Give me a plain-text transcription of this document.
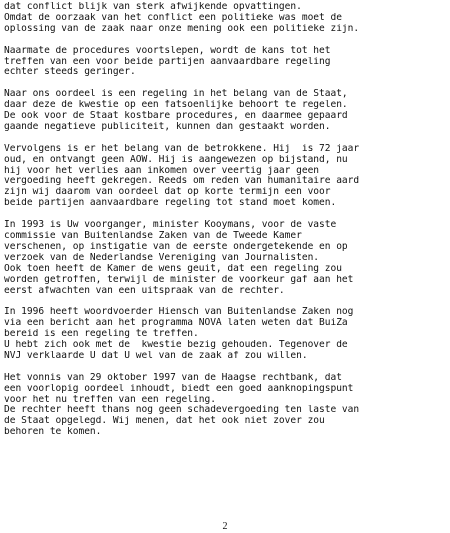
dat conflict blijk van sterk afwijkende opvattingen.
Omdat de oorzaak van het conflict een politieke was moet de
oplossing van de zaak naar onze mening ook een politieke zijn.
Naarmate de procedures voortslepen, wordt de kans tot het
treffen van een voor beide partijen aanvaardbare regeling
echter steeds geringer.
Naar ons oordeel is een regeling in het belang van de Staat,
daar deze de kwestie op een fatsoenlijke behoort te regelen.
De ook voor de Staat kostbare procedures, en daarmee gepaard
gaande negatieve publiciteit, kunnen dan gestaakt worden.
Vervolgens is er het belang van de betrokkene. Hij  is 72 jaar
oud, en ontvangt geen AOW. Hij is aangewezen op bijstand, nu
hij voor het verlies aan inkomen over veertig jaar geen
vergoeding heeft gekregen. Reeds om reden van humanitaire aard
zijn wij daarom van oordeel dat op korte termijn een voor
beide partijen aanvaardbare regeling tot stand moet komen.
In 1993 is Uw voorganger, minister Kooymans, voor de vaste
commissie van Buitenlandse Zaken van de Tweede Kamer
verschenen, op instigatie van de eerste ondergetekende en op
verzoek van de Nederlandse Vereniging van Journalisten.
Ook toen heeft de Kamer de wens geuit, dat een regeling zou
worden getroffen, terwijl de minister de voorkeur gaf aan het
eerst afwachten van een uitspraak van de rechter.
In 1996 heeft woordvoerder Hiensch van Buitenlandse Zaken nog
via een bericht aan het programma NOVA laten weten dat BuiZa
bereid is een regeling te treffen.
U hebt zich ook met de  kwestie bezig gehouden. Tegenover de
NVJ verklaarde U dat U wel van de zaak af zou willen.
Het vonnis van 29 oktober 1997 van de Haagse rechtbank, dat
een voorlopig oordeel inhoudt, biedt een goed aanknopingspunt
voor het nu treffen van een regeling.
De rechter heeft thans nog geen schadevergoeding ten laste van
de Staat opgelegd. Wij menen, dat het ook niet zover zou
behoren te komen.
2
